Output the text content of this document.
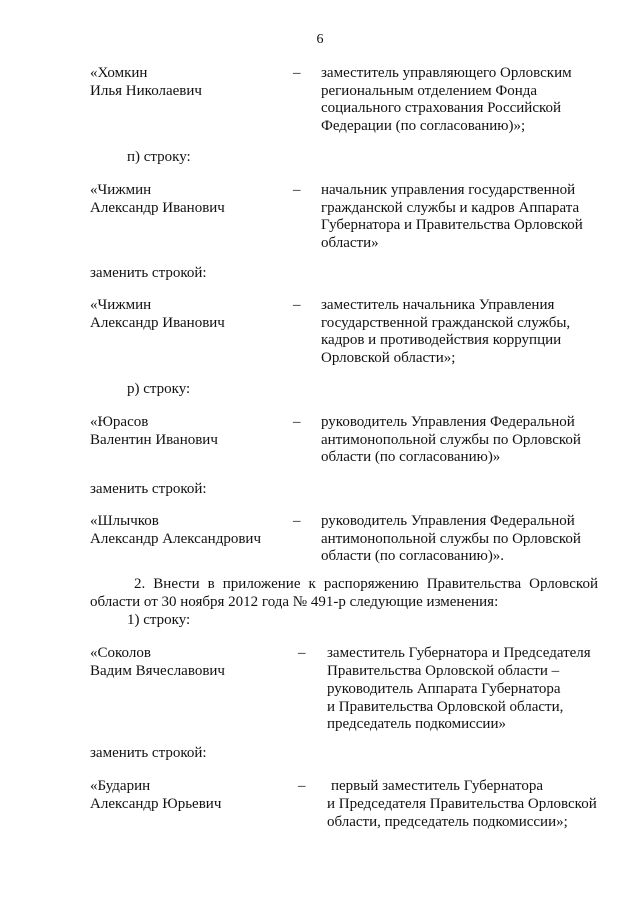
6
«Хомкин
Илья Николаевич
– заместитель управляющего Орловским
региональным отделением Фонда
социального страхования Российской
Федерации (по согласованию)»;
п) строку:
«Чижмин
Александр Иванович
– начальник управления государственной
гражданской службы и кадров Аппарата
Губернатора и Правительства Орловской
области»
заменить строкой:
«Чижмин
Александр Иванович
– заместитель начальника Управления
государственной гражданской службы,
кадров и противодействия коррупции
Орловской области»;
р) строку:
«Юрасов
Валентин Иванович
– руководитель Управления Федеральной
антимонопольной службы по Орловской
области (по согласованию)»
заменить строкой:
«Шлычков
Александр Александрович
– руководитель Управления Федеральной
антимонопольной службы по Орловской
области (по согласованию)».
2. Внести в приложение к распоряжению Правительства Орловской
области от 30 ноября 2012 года № 491-р следующие изменения:
1) строку:
«Соколов
Вадим Вячеславович
– заместитель Губернатора и Председателя
Правительства Орловской области –
руководитель Аппарата Губернатора
и Правительства Орловской области,
председатель подкомиссии»
заменить строкой:
«Бударин
Александр Юрьевич
– первый заместитель Губернатора
и Председателя Правительства Орловской
области, председатель подкомиссии»;
